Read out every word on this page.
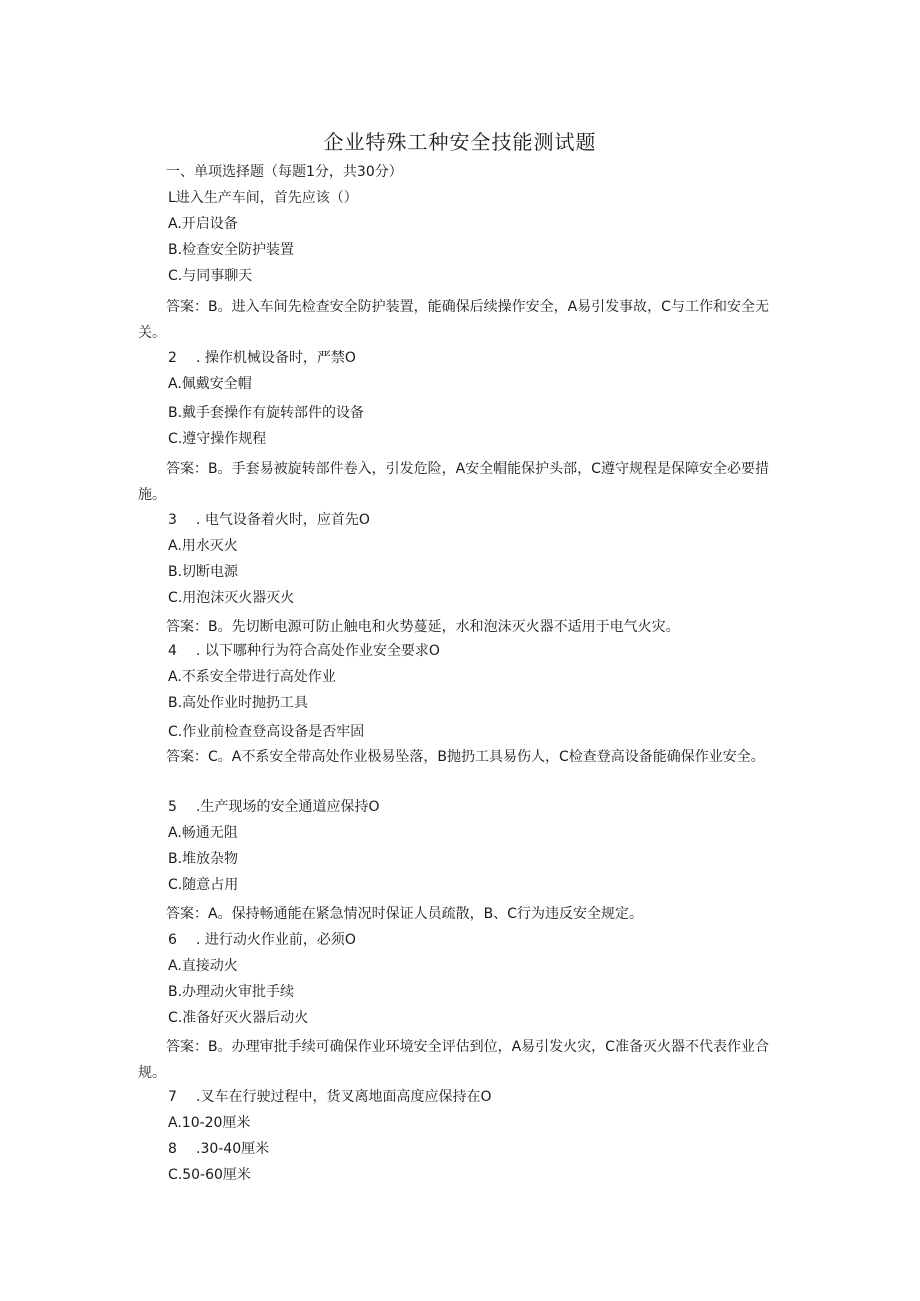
企业特殊工种安全技能测试题
一、单项选择题（每题1分，共30分）
L进入生产车间，首先应该（）
A.开启设备
B.检查安全防护装置
C.与同事聊天
答案：B。进入车间先检查安全防护装置，能确保后续操作安全，A易引发事故，C与工作和安全无关。
2 . 操作机械设备时，严禁O
A.佩戴安全帽
B.戴手套操作有旋转部件的设备
C.遵守操作规程
答案：B。手套易被旋转部件卷入，引发危险，A安全帽能保护头部，C遵守规程是保障安全必要措施。
3 . 电气设备着火时，应首先O
A.用水灭火
B.切断电源
C.用泡沫灭火器灭火
答案：B。先切断电源可防止触电和火势蔓延，水和泡沫灭火器不适用于电气火灾。
4 . 以下哪种行为符合高处作业安全要求O
A.不系安全带进行高处作业
B.高处作业时抛扔工具
C.作业前检查登高设备是否牢固
答案：C。A不系安全带高处作业极易坠落，B抛扔工具易伤人，C检查登高设备能确保作业安全。
5 .生产现场的安全通道应保持O
A.畅通无阻
B.堆放杂物
C.随意占用
答案：A。保持畅通能在紧急情况时保证人员疏散，B、C行为违反安全规定。
6 . 进行动火作业前，必须O
A.直接动火
B.办理动火审批手续
C.准备好灭火器后动火
答案：B。办理审批手续可确保作业环境安全评估到位，A易引发火灾，C准备灭火器不代表作业合规。
7 .叉车在行驶过程中，货叉离地面高度应保持在O
A.10-20厘米
8 .30-40厘米
C.50-60厘米
